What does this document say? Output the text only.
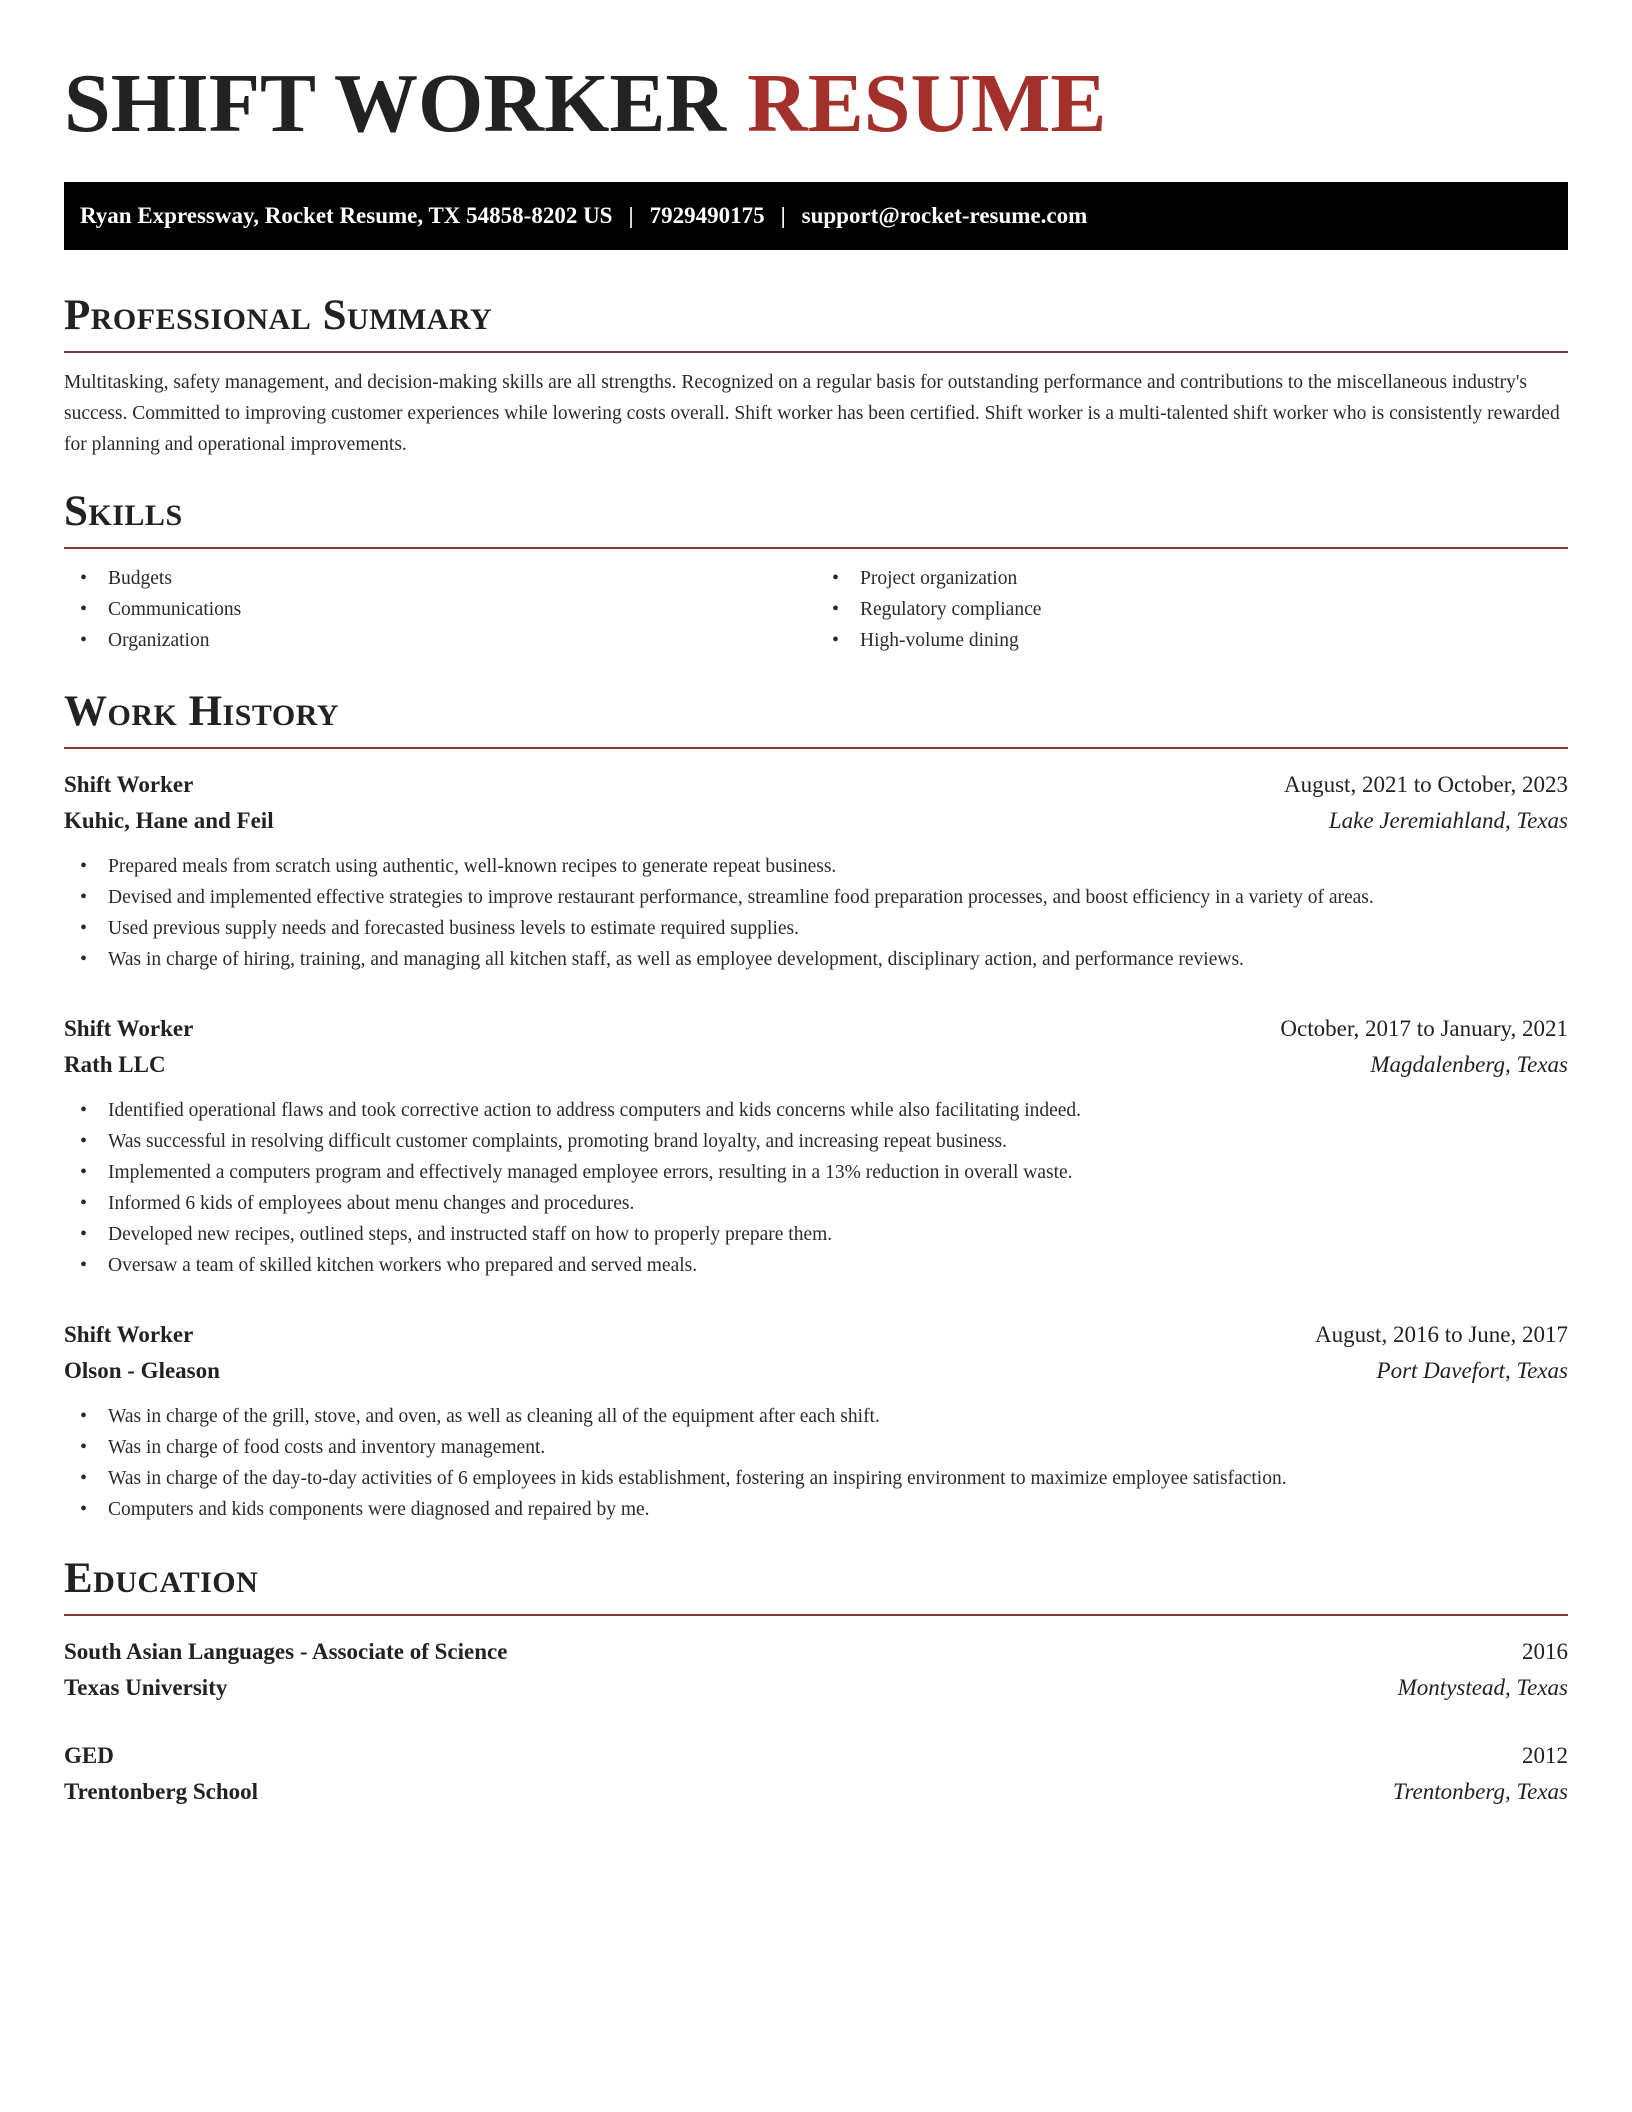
SHIFT WORKER RESUME
Ryan Expressway, Rocket Resume, TX 54858-8202 US | 7929490175 | support@rocket-resume.com
Professional Summary

Multitasking, safety management, and decision-making skills are all strengths. Recognized on a regular basis for outstanding performance and contributions to the miscellaneous industry's success. Committed to improving customer experiences while lowering costs overall. Shift worker has been certified. Shift worker is a multi-talented shift worker who is consistently rewarded for planning and operational improvements.

Skills
• Budgets
• Communications
• Organization
• Project organization
• Regulatory compliance
• High-volume dining
Work History
Shift Worker	August, 2021 to October, 2023
Kuhic, Hane and Feil	Lake Jeremiahland, Texas
• Prepared meals from scratch using authentic, well-known recipes to generate repeat business.
• Devised and implemented effective strategies to improve restaurant performance, streamline food preparation processes, and boost efficiency in a variety of areas.
• Used previous supply needs and forecasted business levels to estimate required supplies.
• Was in charge of hiring, training, and managing all kitchen staff, as well as employee development, disciplinary action, and performance reviews.
Shift Worker	October, 2017 to January, 2021
Rath LLC	Magdalenberg, Texas
• Identified operational flaws and took corrective action to address computers and kids concerns while also facilitating indeed.
• Was successful in resolving difficult customer complaints, promoting brand loyalty, and increasing repeat business.
• Implemented a computers program and effectively managed employee errors, resulting in a 13% reduction in overall waste.
• Informed 6 kids of employees about menu changes and procedures.
• Developed new recipes, outlined steps, and instructed staff on how to properly prepare them.
• Oversaw a team of skilled kitchen workers who prepared and served meals.
Shift Worker	August, 2016 to June, 2017
Olson - Gleason	Port Davefort, Texas
• Was in charge of the grill, stove, and oven, as well as cleaning all of the equipment after each shift.
• Was in charge of food costs and inventory management.
• Was in charge of the day-to-day activities of 6 employees in kids establishment, fostering an inspiring environment to maximize employee satisfaction.
• Computers and kids components were diagnosed and repaired by me.
Education
South Asian Languages - Associate of Science	2016
Texas University	Montystead, Texas
GED	2012
Trentonberg School	Trentonberg, Texas
